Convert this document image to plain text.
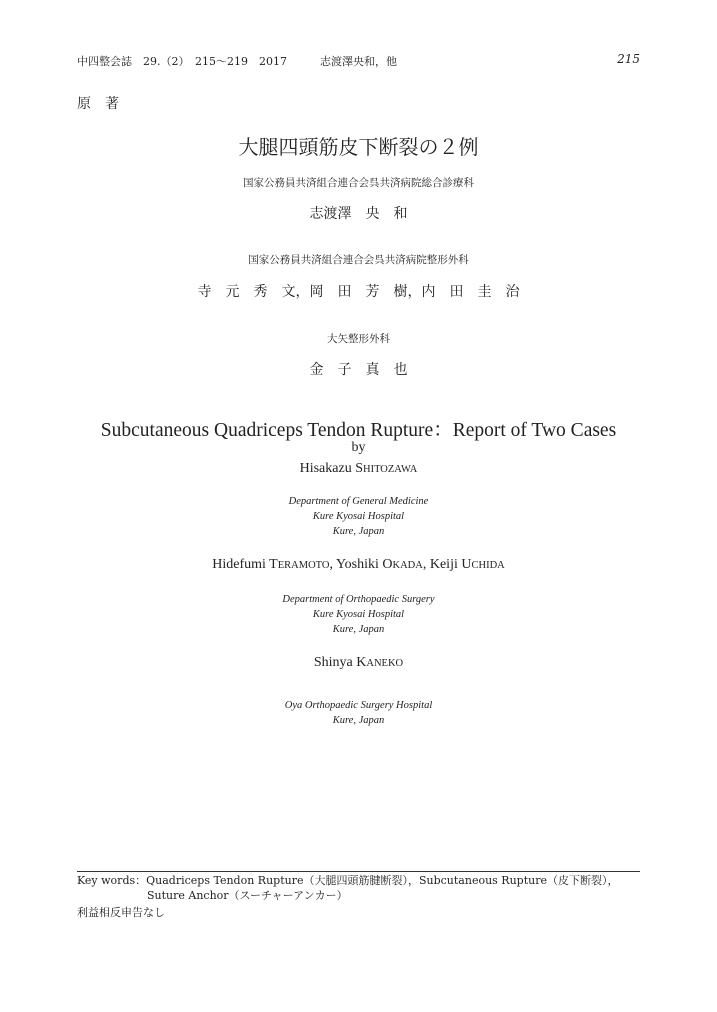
中四整会誌　29.（2）　215～219　2017	志渡澤央和，他	215
原　著
大腿四頭筋皮下断裂の２例
国家公務員共済組合連合会呉共済病院総合診療科
志渡澤　央　和
国家公務員共済組合連合会呉共済病院整形外科
寺　元　秀　文，岡　田　芳　樹，内　田　圭　治
大矢整形外科
金　子　真　也
Subcutaneous Quadriceps Tendon Rupture：Report of Two Cases
by
Hisakazu SHITOZAWA
Department of General Medicine
Kure Kyosai Hospital
Kure, Japan
Hidefumi TERAMOTO, Yoshiki OKADA, Keiji UCHIDA
Department of Orthopaedic Surgery
Kure Kyosai Hospital
Kure, Japan
Shinya KANEKO
Oya Orthopaedic Surgery Hospital
Kure, Japan
Key words：Quadriceps Tendon Rupture（大腿四頭筋腱断裂），Subcutaneous Rupture（皮下断裂），
Suture Anchor（スーチャーアンカー）
利益相反申告なし
